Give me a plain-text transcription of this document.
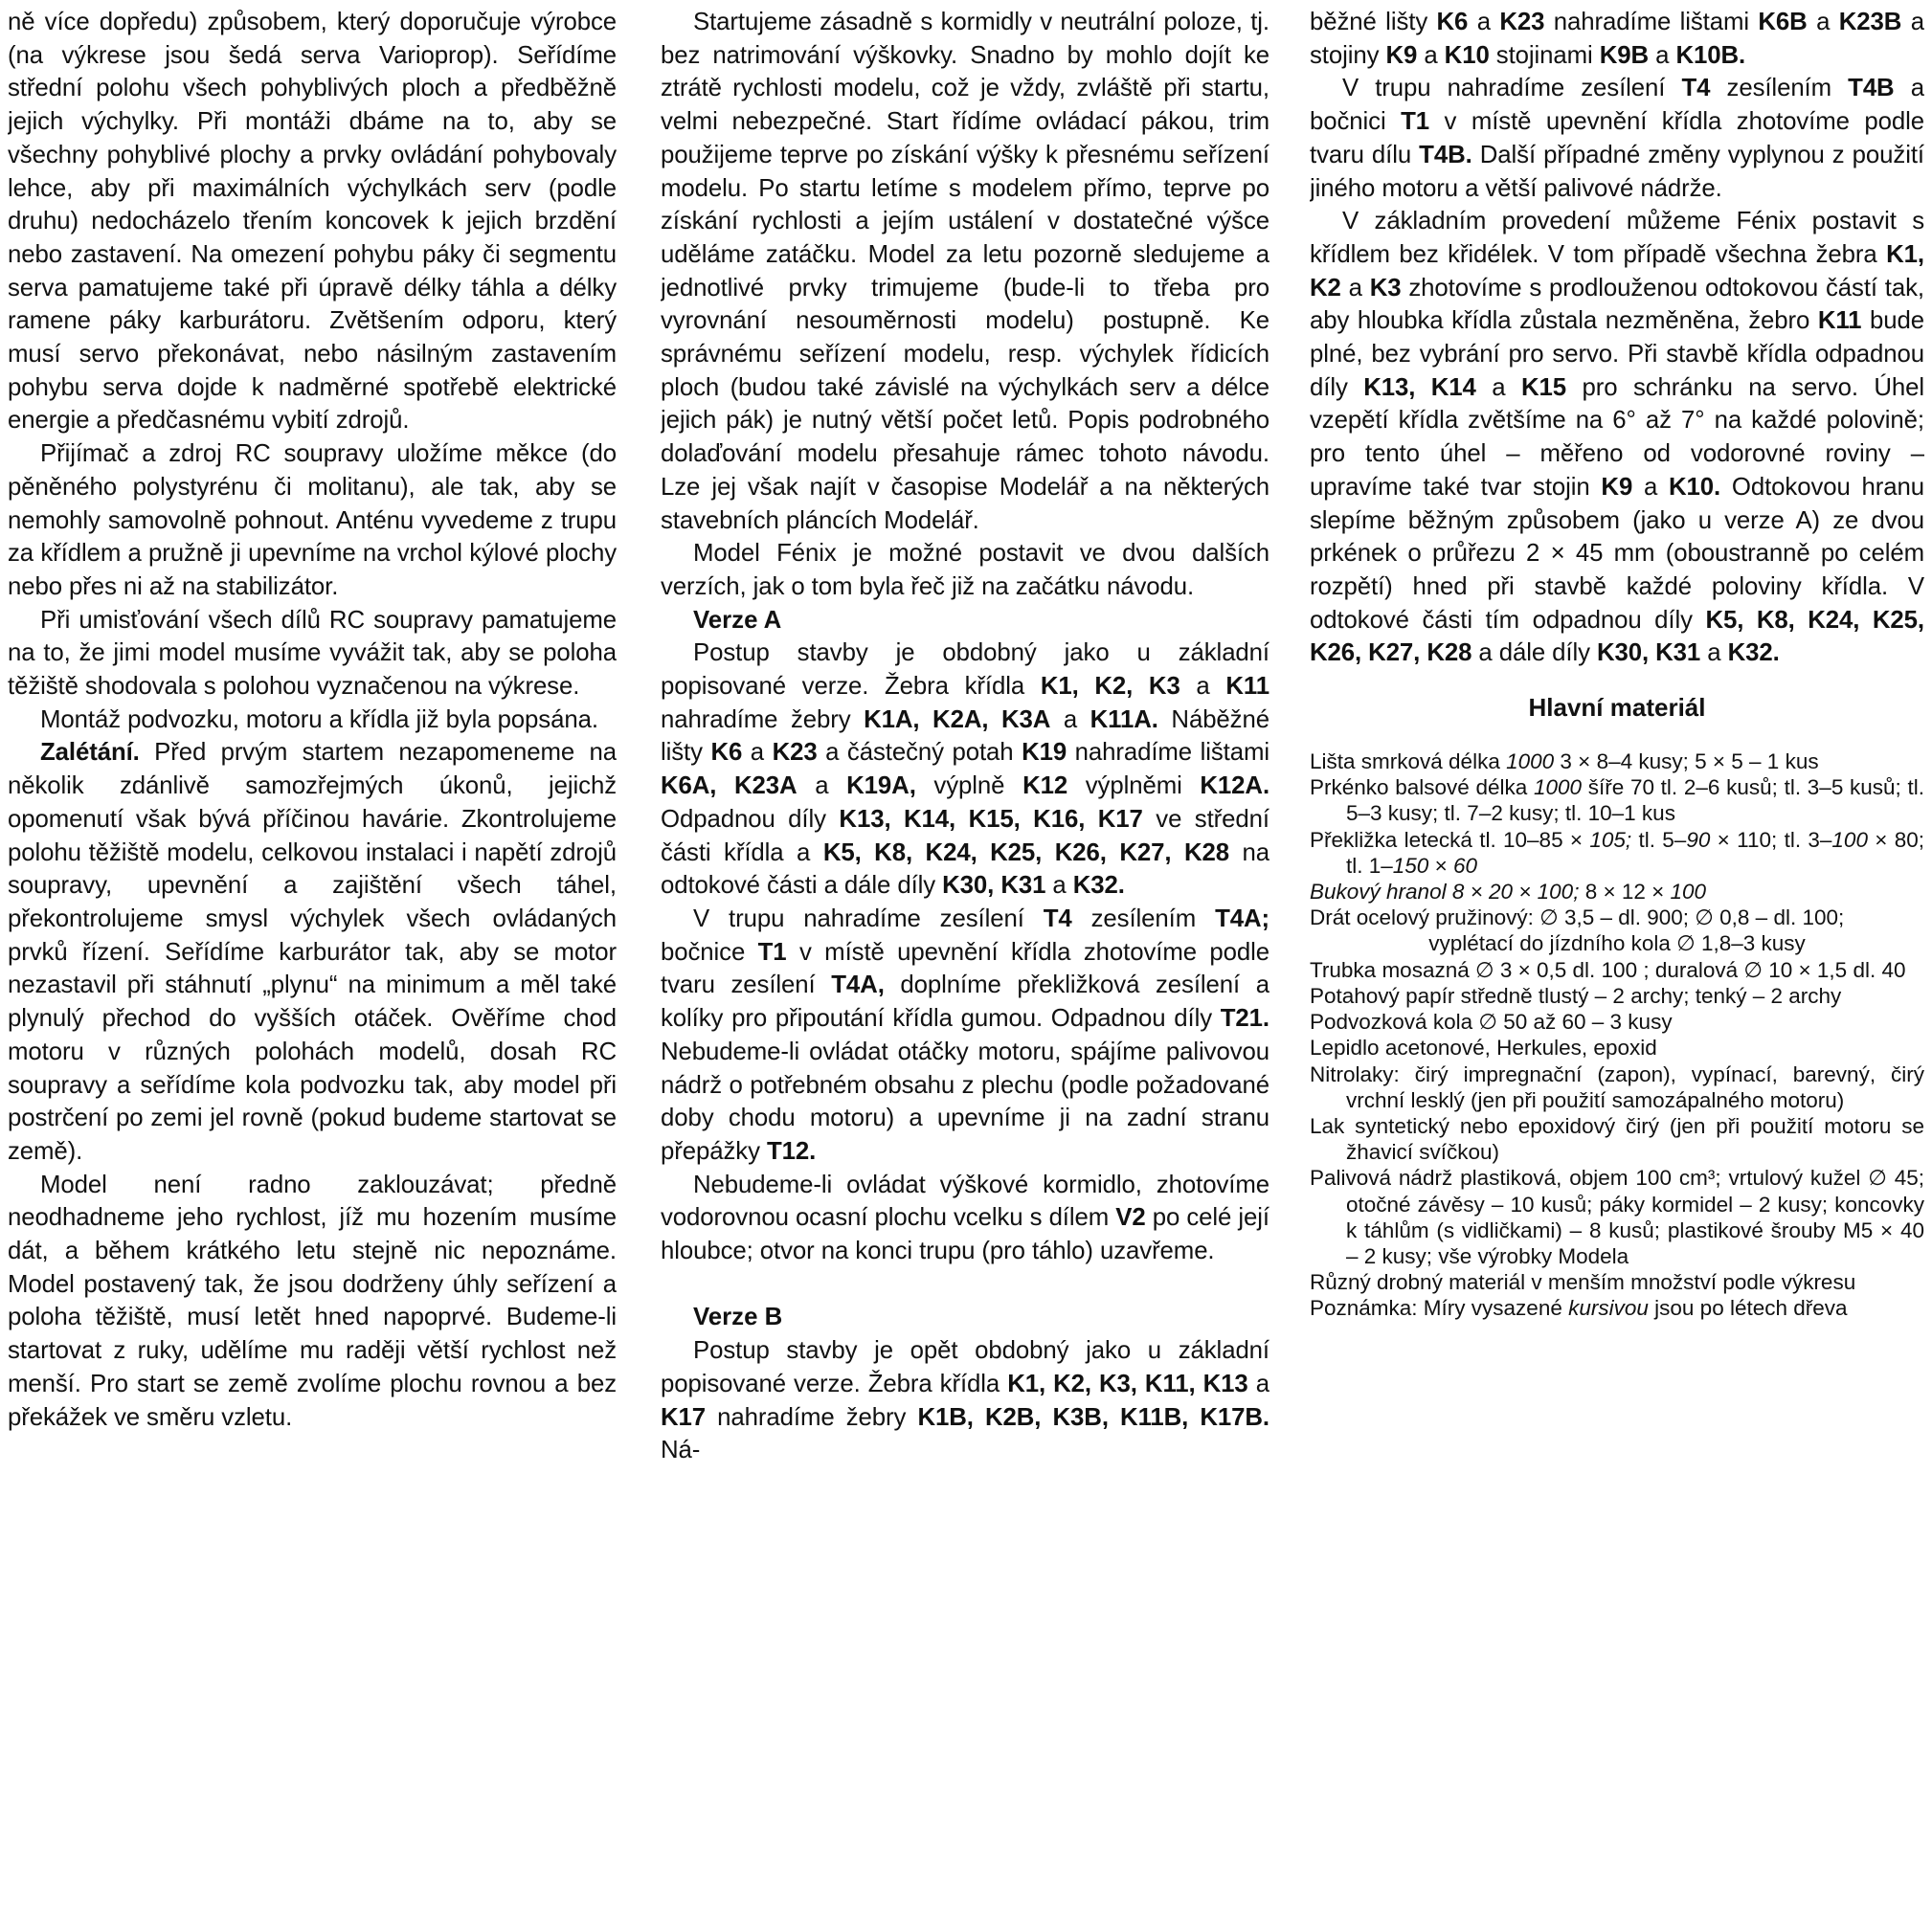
ně více dopředu) způsobem, který doporučuje výrobce (na výkrese jsou šedá serva Varioprop). Seřídíme střední polohu všech pohyblivých ploch a předběžně jejich výchylky. Při montáži dbáme na to, aby se všechny pohyblivé plochy a prvky ovládání pohybovaly lehce, aby při maximálních výchylkách serv (podle druhu) nedocházelo třením koncovek k jejich brzdění nebo zastavení. Na omezení pohybu páky či segmentu serva pamatujeme také při úpravě délky táhla a délky ramene páky karburátoru. Zvětšením odporu, který musí servo překonávat, nebo násilným zastavením pohybu serva dojde k nadměrné spotřebě elektrické energie a předčasnému vybití zdrojů.

Přijímač a zdroj RC soupravy uložíme měkce (do pěněného polystyrénu či molitanu), ale tak, aby se nemohly samovolně pohnout. Anténu vyvedeme z trupu za křídlem a pružně ji upevníme na vrchol kýlové plochy nebo přes ni až na stabilizátor.

Při umisťování všech dílů RC soupravy pamatujeme na to, že jimi model musíme vyvážit tak, aby se poloha těžiště shodovala s polohou vyznačenou na výkrese.

Montáž podvozku, motoru a křídla již byla popsána.

Zalétání. Před prvým startem nezapomeneme na několik zdánlivě samozřejmých úkonů, jejichž opomenutí však bývá příčinou havárie. Zkontrolujeme polohu těžiště modelu, celkovou instalaci i napětí zdrojů soupravy, upevnění a zajištění všech táhel, překontrolujeme smysl výchylek všech ovládaných prvků řízení. Seřídíme karburátor tak, aby se motor nezastavil při stáhnutí „plynu“ na minimum a měl také plynulý přechod do vyšších otáček. Ověříme chod motoru v různých polohách modelů, dosah RC soupravy a seřídíme kola podvozku tak, aby model při postrčení po zemi jel rovně (pokud budeme startovat se země).

Model není radno zaklouzávat; předně neodhadneme jeho rychlost, jíž mu hozením musíme dát, a během krátkého letu stejně nic nepoznáme. Model postavený tak, že jsou dodrženy úhly seřízení a poloha těžiště, musí letět hned napoprvé. Budeme-li startovat z ruky, udělíme mu raději větší rychlost než menší. Pro start se země zvolíme plochu rovnou a bez překážek ve směru vzletu.

Startujeme zásadně s kormidly v neutrální poloze, tj. bez natrimování výškovky. Snadno by mohlo dojít ke ztrátě rychlosti modelu, což je vždy, zvláště při startu, velmi nebezpečné. Start řídíme ovládací pákou, trim použijeme teprve po získání výšky k přesnému seřízení modelu. Po startu letíme s modelem přímo, teprve po získání rychlosti a jejím ustálení v dostatečné výšce uděláme zatáčku. Model za letu pozorně sledujeme a jednotlivé prvky trimujeme (bude-li to třeba pro vyrovnání nesouměrnosti modelu) postupně. Ke správnému seřízení modelu, resp. výchylek řídicích ploch (budou také závislé na výchylkách serv a délce jejich pák) je nutný větší počet letů. Popis podrobného dolaďování modelu přesahuje rámec tohoto návodu. Lze jej však najít v časopise Modelář a na některých stavebních pláncích Modelář.

Model Fénix je možné postavit ve dvou dalších verzích, jak o tom byla řeč již na začátku návodu.

Verze A

Postup stavby je obdobný jako u základní popisované verze. Žebra křídla K1, K2, K3 a K11 nahradíme žebry K1A, K2A, K3A a K11A. Náběžné lišty K6 a K23 a částečný potah K19 nahradíme lištami K6A, K23A a K19A, výplně K12 výplněmi K12A. Odpadnou díly K13, K14, K15, K16, K17 ve střední části křídla a K5, K8, K24, K25, K26, K27, K28 na odtokové části a dále díly K30, K31 a K32.

V trupu nahradíme zesílení T4 zesílením T4A; bočnice T1 v místě upevnění křídla zhotovíme podle tvaru zesílení T4A, doplníme překližková zesílení a kolíky pro připoutání křídla gumou. Odpadnou díly T21. Nebudeme-li ovládat otáčky motoru, spájíme palivovou nádrž o potřebném obsahu z plechu (podle požadované doby chodu motoru) a upevníme ji na zadní stranu přepážky T12.

Nebudeme-li ovládat výškové kormidlo, zhotovíme vodorovnou ocasní plochu vcelku s dílem V2 po celé její hloubce; otvor na konci trupu (pro táhlo) uzavřeme.

Verze B

Postup stavby je opět obdobný jako u základní popisované verze. Žebra křídla K1, K2, K3, K11, K13 a K17 nahradíme žebry K1B, K2B, K3B, K11B, K17B. Ná-

běžné lišty K6 a K23 nahradíme lištami K6B a K23B a stojiny K9 a K10 stojinami K9B a K10B.

V trupu nahradíme zesílení T4 zesílením T4B a bočnici T1 v místě upevnění křídla zhotovíme podle tvaru dílu T4B. Další případné změny vyplynou z použití jiného motoru a větší palivové nádrže.

V základním provedení můžeme Fénix postavit s křídlem bez křidélek. V tom případě všechna žebra K1, K2 a K3 zhotovíme s prodlouženou odtokovou částí tak, aby hloubka křídla zůstala nezměněna, žebro K11 bude plné, bez vybrání pro servo. Při stavbě křídla odpadnou díly K13, K14 a K15 pro schránku na servo. Úhel vzepětí křídla zvětšíme na 6° až 7° na každé polovině; pro tento úhel – měřeno od vodorovné roviny – upravíme také tvar stojin K9 a K10. Odtokovou hranu slepíme běžným způsobem (jako u verze A) ze dvou prkének o průřezu 2 × 45 mm (oboustranně po celém rozpětí) hned při stavbě každé poloviny křídla. V odtokové části tím odpadnou díly K5, K8, K24, K25, K26, K27, K28 a dále díly K30, K31 a K32.

Hlavní materiál

Lišta smrková délka 1000 3 × 8–4 kusy; 5 × 5 – 1 kus

Prkénko balsové délka 1000 šíře 70 tl. 2–6 kusů; tl. 3–5 kusů; tl. 5–3 kusy; tl. 7–2 kusy; tl. 10–1 kus

Překližka letecká tl. 10–85 × 105; tl. 5–90 × 110; tl. 3–100 × 80; tl. 1–150 × 60

Bukový hranol 8 × 20 × 100; 8 × 12 × 100

Drát ocelový pružinový: ∅ 3,5 – dl. 900; ∅ 0,8 – dl. 100;

vyplétací do jízdního kola ∅ 1,8–3 kusy

Trubka mosazná ∅ 3 × 0,5 dl. 100 ; duralová ∅ 10 × 1,5 dl. 40

Potahový papír středně tlustý – 2 archy; tenký – 2 archy

Podvozková kola ∅ 50 až 60 – 3 kusy

Lepidlo acetonové, Herkules, epoxid

Nitrolaky: čirý impregnační (zapon), vypínací, barevný, čirý vrchní lesklý (jen při použití samozápalného motoru)

Lak syntetický nebo epoxidový čirý (jen při použití motoru se žhavicí svíčkou)

Palivová nádrž plastiková, objem 100 cm³; vrtulový kužel ∅ 45; otočné závěsy – 10 kusů; páky kormidel – 2 kusy; koncovky k táhlům (s vidličkami) – 8 kusů; plastikové šrouby M5 × 40 – 2 kusy; vše výrobky Modela

Různý drobný materiál v menším množství podle výkresu

Poznámka: Míry vysazené kursivou jsou po létech dřeva
